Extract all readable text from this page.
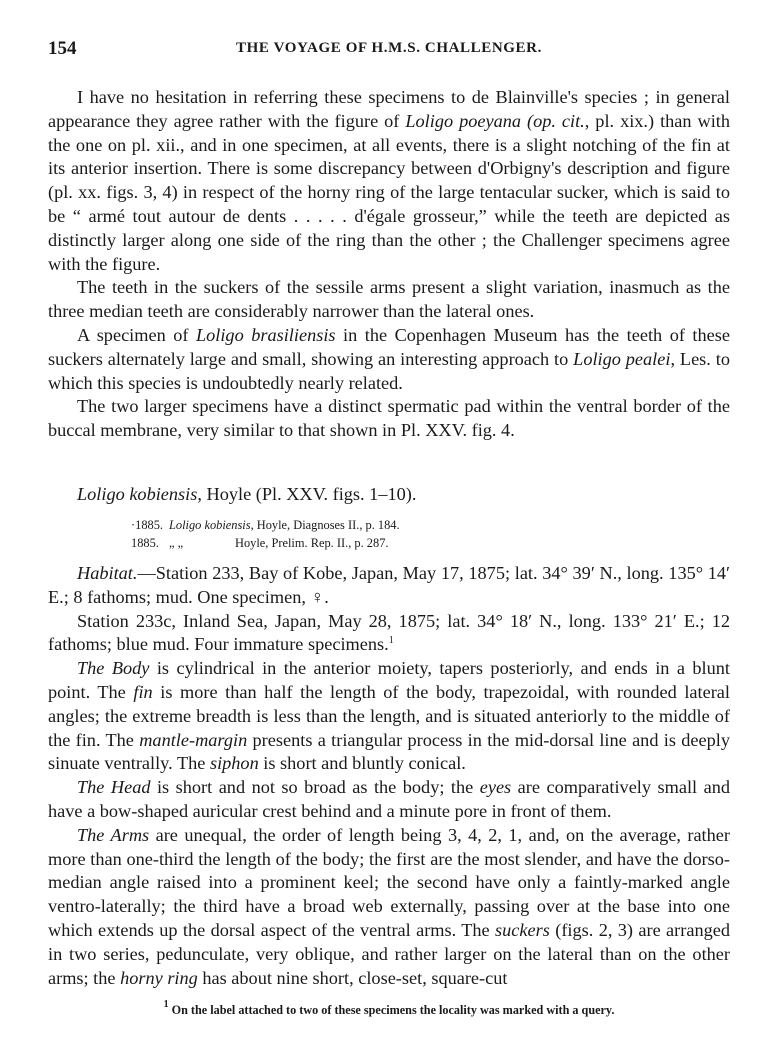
154	THE VOYAGE OF H.M.S. CHALLENGER.

I have no hesitation in referring these specimens to de Blainville's species ; in general appearance they agree rather with the figure of Loligo poeyana (op. cit., pl. xix.) than with the one on pl. xii., and in one specimen, at all events, there is a slight notching of the fin at its anterior insertion. There is some discrepancy between d'Orbigny's description and figure (pl. xx. figs. 3, 4) in respect of the horny ring of the large tentacular sucker, which is said to be “ armé tout autour de dents . . . . . d'égale grosseur,” while the teeth are depicted as distinctly larger along one side of the ring than the other ; the Challenger specimens agree with the figure.

The teeth in the suckers of the sessile arms present a slight variation, inasmuch as the three median teeth are considerably narrower than the lateral ones.

A specimen of Loligo brasiliensis in the Copenhagen Museum has the teeth of these suckers alternately large and small, showing an interesting approach to Loligo pealei, Les. to which this species is undoubtedly nearly related.

The two larger specimens have a distinct spermatic pad within the ventral border of the buccal membrane, very similar to that shown in Pl. XXV. fig. 4.

Loligo kobiensis, Hoyle (Pl. XXV. figs. 1–10).
·1885. Loligo kobiensis, Hoyle, Diagnoses II., p. 184.
1885. „ „	Hoyle, Prelim. Rep. II., p. 287.

Habitat.—Station 233, Bay of Kobe, Japan, May 17, 1875; lat. 34° 39′ N., long. 135° 14′ E.; 8 fathoms; mud. One specimen, ♀.

Station 233c, Inland Sea, Japan, May 28, 1875; lat. 34° 18′ N., long. 133° 21′ E.; 12 fathoms; blue mud. Four immature specimens.$^1$

The Body is cylindrical in the anterior moiety, tapers posteriorly, and ends in a blunt point. The fin is more than half the length of the body, trapezoidal, with rounded lateral angles; the extreme breadth is less than the length, and is situated anteriorly to the middle of the fin. The mantle-margin presents a triangular process in the mid-dorsal line and is deeply sinuate ventrally. The siphon is short and bluntly conical.

The Head is short and not so broad as the body; the eyes are comparatively small and have a bow-shaped auricular crest behind and a minute pore in front of them.

The Arms are unequal, the order of length being 3, 4, 2, 1, and, on the average, rather more than one-third the length of the body; the first are the most slender, and have the dorso-median angle raised into a prominent keel; the second have only a faintly-marked angle ventro-laterally; the third have a broad web externally, passing over at the base into one which extends up the dorsal aspect of the ventral arms. The suckers (figs. 2, 3) are arranged in two series, pedunculate, very oblique, and rather larger on the lateral than on the other arms; the horny ring has about nine short, close-set, square-cut

$^1$ On the label attached to two of these specimens the locality was marked with a query.
